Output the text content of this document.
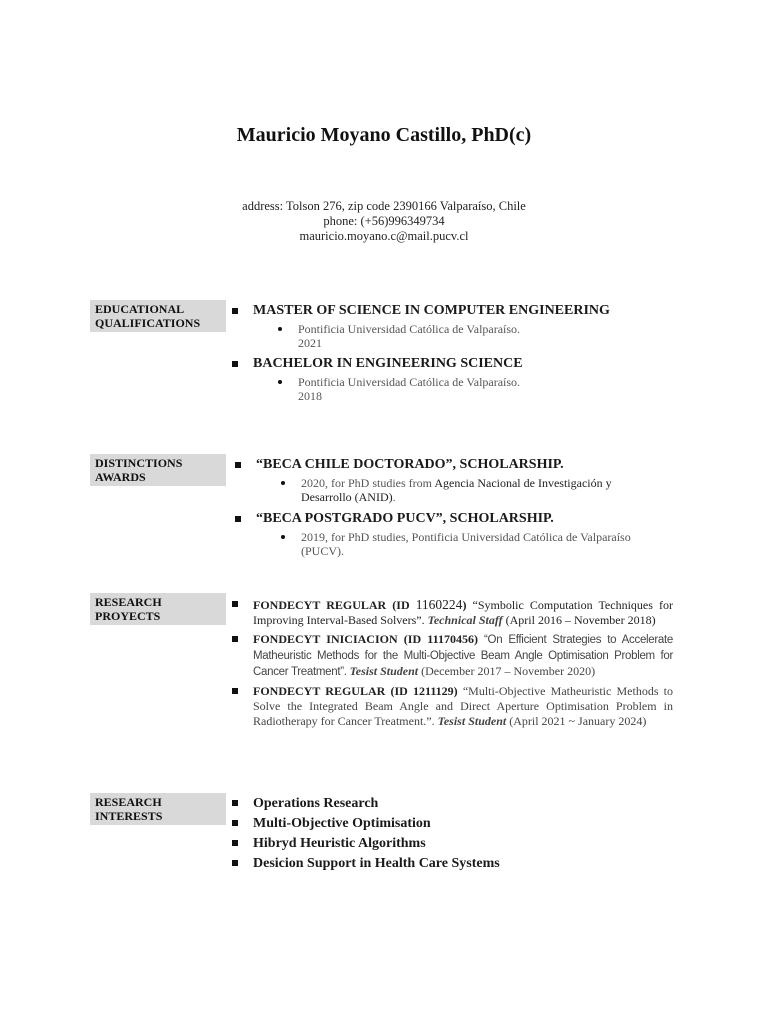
Mauricio Moyano Castillo, PhD(c)
address: Tolson 276, zip code 2390166 Valparaíso, Chile
phone: (+56)996349734
mauricio.moyano.c@mail.pucv.cl
EDUCATIONAL
QUALIFICATIONS
MASTER OF SCIENCE IN COMPUTER ENGINEERING
Pontificia Universidad Católica de Valparaíso.
2021
BACHELOR IN ENGINEERING SCIENCE
Pontificia Universidad Católica de Valparaíso.
2018
DISTINCTIONS
AWARDS
“BECA CHILE DOCTORADO”, SCHOLARSHIP.
2020, for PhD studies from Agencia Nacional de Investigación y Desarrollo (ANID).
“BECA POSTGRADO PUCV”, SCHOLARSHIP.
2019, for PhD studies, Pontificia Universidad Católica de Valparaíso (PUCV).
RESEARCH
PROYECTS
FONDECYT REGULAR (ID 1160224) “Symbolic Computation Techniques for Improving Interval-Based Solvers”. Technical Staff (April 2016 – November 2018)
FONDECYT INICIACION (ID 11170456) “On Efficient Strategies to Accelerate Matheuristic Methods for the Multi-Objective Beam Angle Optimisation Problem for Cancer Treatment”. Tesist Student (December 2017 – November 2020)
FONDECYT REGULAR (ID 1211129) “Multi-Objective Matheuristic Methods to Solve the Integrated Beam Angle and Direct Aperture Optimisation Problem in Radiotherapy for Cancer Treatment.”. Tesist Student (April 2021 ~ January 2024)
RESEARCH
INTERESTS
Operations Research
Multi-Objective Optimisation
Hibryd Heuristic Algorithms
Desicion Support in Health Care Systems
